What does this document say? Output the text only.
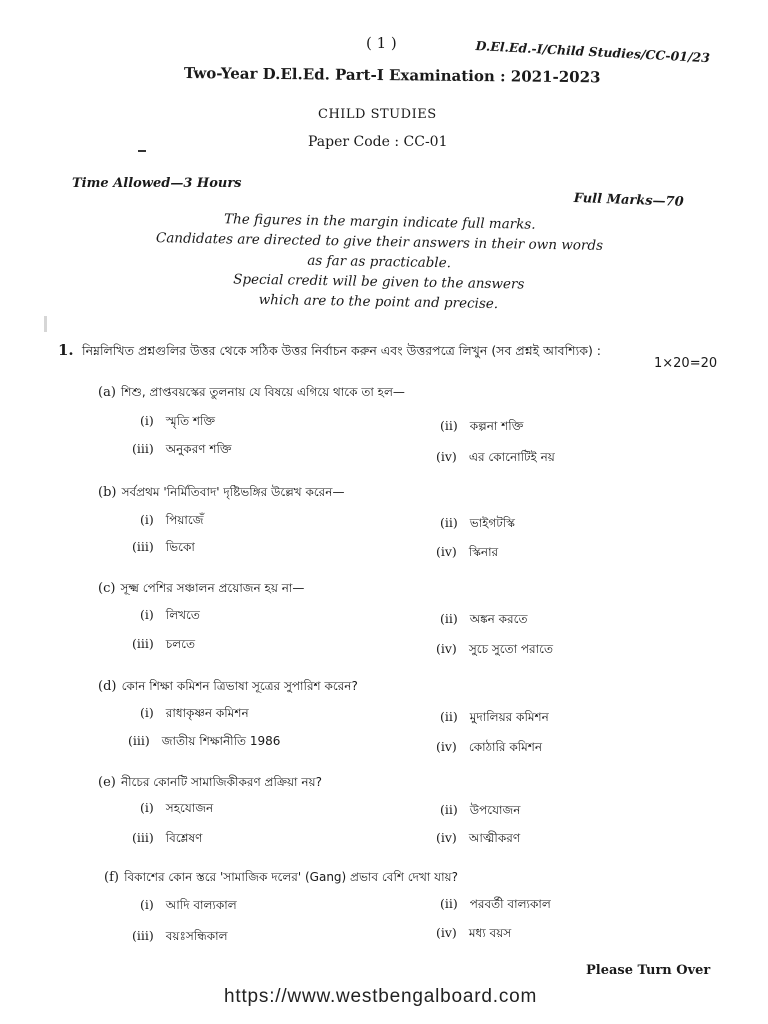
( 1 )	D.El.Ed.-I/Child Studies/CC-01/23
Two-Year D.El.Ed. Part-I Examination : 2021-2023
CHILD STUDIES
Paper Code : CC-01
Time Allowed—3 Hours
Full Marks—70
The figures in the margin indicate full marks.
Candidates are directed to give their answers in their own words
as far as practicable.
Special credit will be given to the answers
which are to the point and precise.
1. নিম্নলিখিত প্রশ্নগুলির উত্তর থেকে সঠিক উত্তর নির্বাচন করুন এবং উত্তরপত্রে লিখুন (সব প্রশ্নই আবশ্যিক) :
1×20=20
(a) শিশু, প্রাপ্তবয়স্কের তুলনায় যে বিষয়ে এগিয়ে থাকে তা হল—
(i) স্মৃতি শক্তি	(ii) কল্পনা শক্তি
(iii) অনুকরণ শক্তি	(iv) এর কোনোটিই নয়
(b) সর্বপ্রথম 'নির্মিতিবাদ' দৃষ্টিভঙ্গির উল্লেখ করেন—
(i) পিয়াজেঁ	(ii) ভাইগটস্কি
(iii) ভিকো	(iv) স্কিনার
(c) সূক্ষ্ম পেশির সঞ্চালন প্রয়োজন হয় না—
(i) লিখতে	(ii) অঙ্কন করতে
(iii) চলতে	(iv) সুচে সুতো পরাতে
(d) কোন শিক্ষা কমিশন ত্রিভাষা সূত্রের সুপারিশ করেন?
(i) রাধাকৃষ্ণন কমিশন	(ii) মুদালিয়র কমিশন
(iii) জাতীয় শিক্ষানীতি 1986	(iv) কোঠারি কমিশন
(e) নীচের কোনটি সামাজিকীকরণ প্রক্রিয়া নয়?
(i) সহযোজন	(ii) উপযোজন
(iii) বিশ্লেষণ	(iv) আত্মীকরণ
(f) বিকাশের কোন স্তরে 'সামাজিক দলের' (Gang) প্রভাব বেশি দেখা যায়?
(i) আদি বাল্যকাল	(ii) পরবর্তী বাল্যকাল
(iii) বয়ঃসন্ধিকাল	(iv) মধ্য বয়স
Please Turn Over
https://www.westbengalboard.com
